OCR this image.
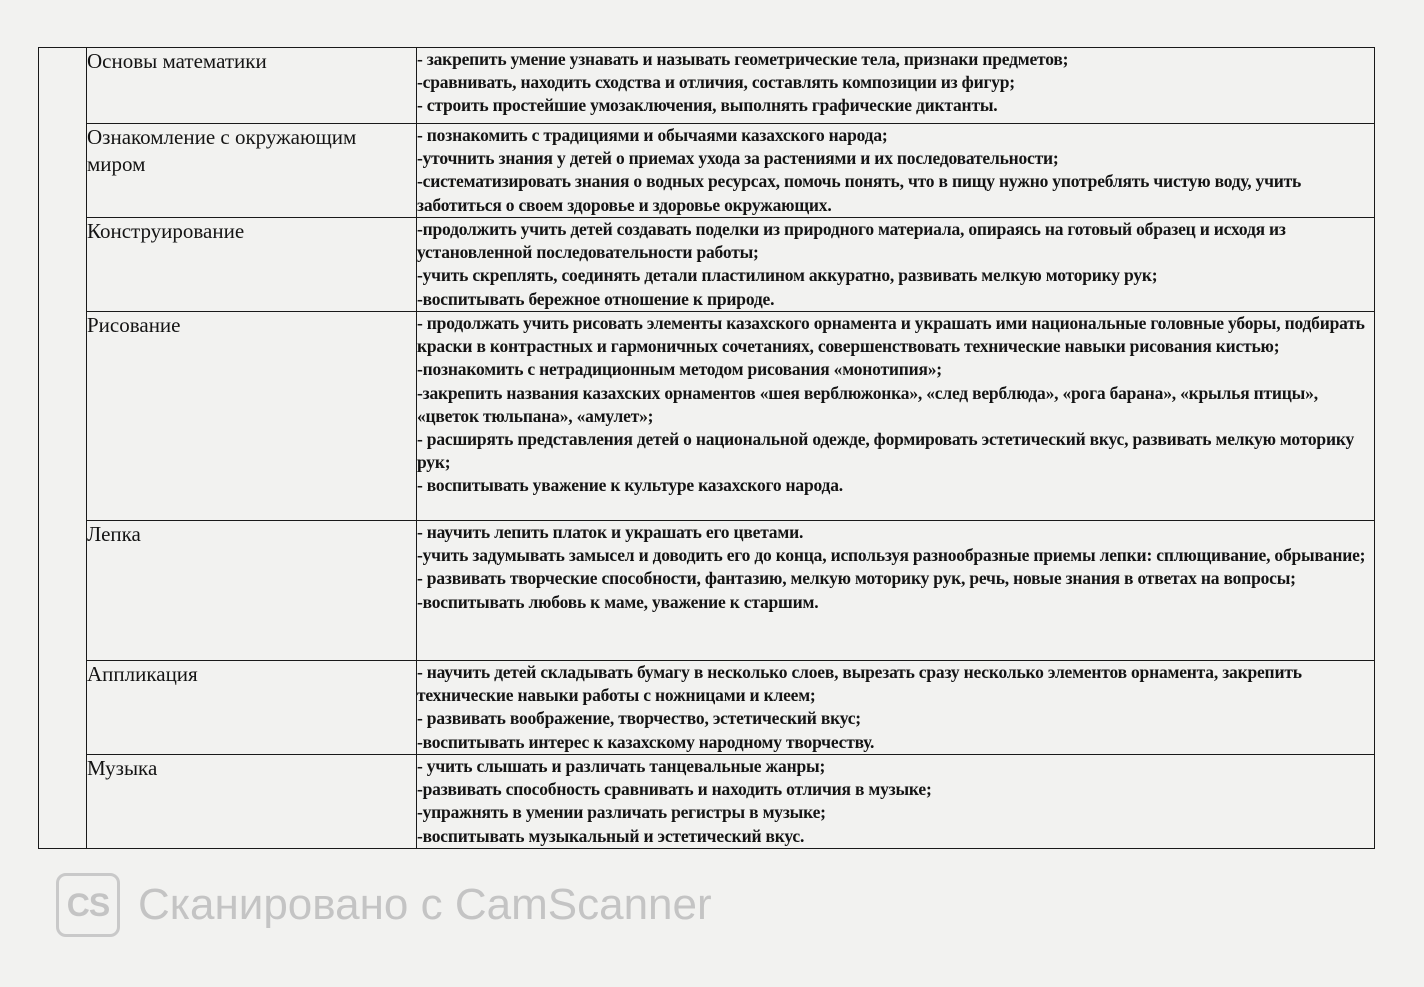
	Основы математики	- закрепить умение узнавать и называть геометрические тела, признаки предметов;
-сравнивать, находить сходства и отличия, составлять композиции из фигур;
- строить простейшие умозаключения, выполнять графические диктанты.

	Ознакомление с окружающим миром	- познакомить с традициями и обычаями казахского народа;
-уточнить знания у детей о приемах ухода за растениями и их последовательности;
-систематизировать знания о водных ресурсах, помочь понять, что в пищу нужно употреблять чистую воду, учить заботиться о своем здоровье и здоровье окружающих.

	Конструирование	-продолжить учить детей создавать поделки из природного материала, опираясь на готовый образец и исходя из установленной последовательности работы;
-учить скреплять, соединять детали пластилином аккуратно, развивать мелкую моторику рук;
-воспитывать бережное отношение к природе.

	Рисование	- продолжать учить рисовать элементы казахского орнамента и украшать ими национальные головные уборы, подбирать краски в контрастных и гармоничных сочетаниях, совершенствовать технические навыки рисования кистью;
-познакомить с нетрадиционным методом рисования «монотипия»;
-закрепить названия казахских орнаментов «шея верблюжонка», «след верблюда», «рога барана», «крылья птицы», «цветок тюльпана», «амулет»;
- расширять представления детей о национальной одежде, формировать эстетический вкус, развивать мелкую моторику рук;
- воспитывать уважение к культуре казахского народа.

	Лепка	- научить лепить платок и украшать его цветами.
-учить задумывать замысел и доводить его до конца, используя разнообразные приемы лепки: сплющивание, обрывание;
- развивать творческие способности, фантазию, мелкую моторику рук, речь, новые знания в ответах на вопросы;
-воспитывать любовь к маме, уважение к старшим.

	Аппликация	- научить детей складывать бумагу в несколько слоев, вырезать сразу несколько элементов орнамента, закрепить технические навыки работы с ножницами и клеем;
- развивать воображение, творчество, эстетический вкус;
-воспитывать интерес к казахскому народному творчеству.

	Музыка	- учить слышать и различать танцевальные жанры;
-развивать способность сравнивать и находить отличия в музыке;
-упражнять в умении различать регистры в музыке;
-воспитывать музыкальный и эстетический вкус.
CS Сканировано с CamScanner
